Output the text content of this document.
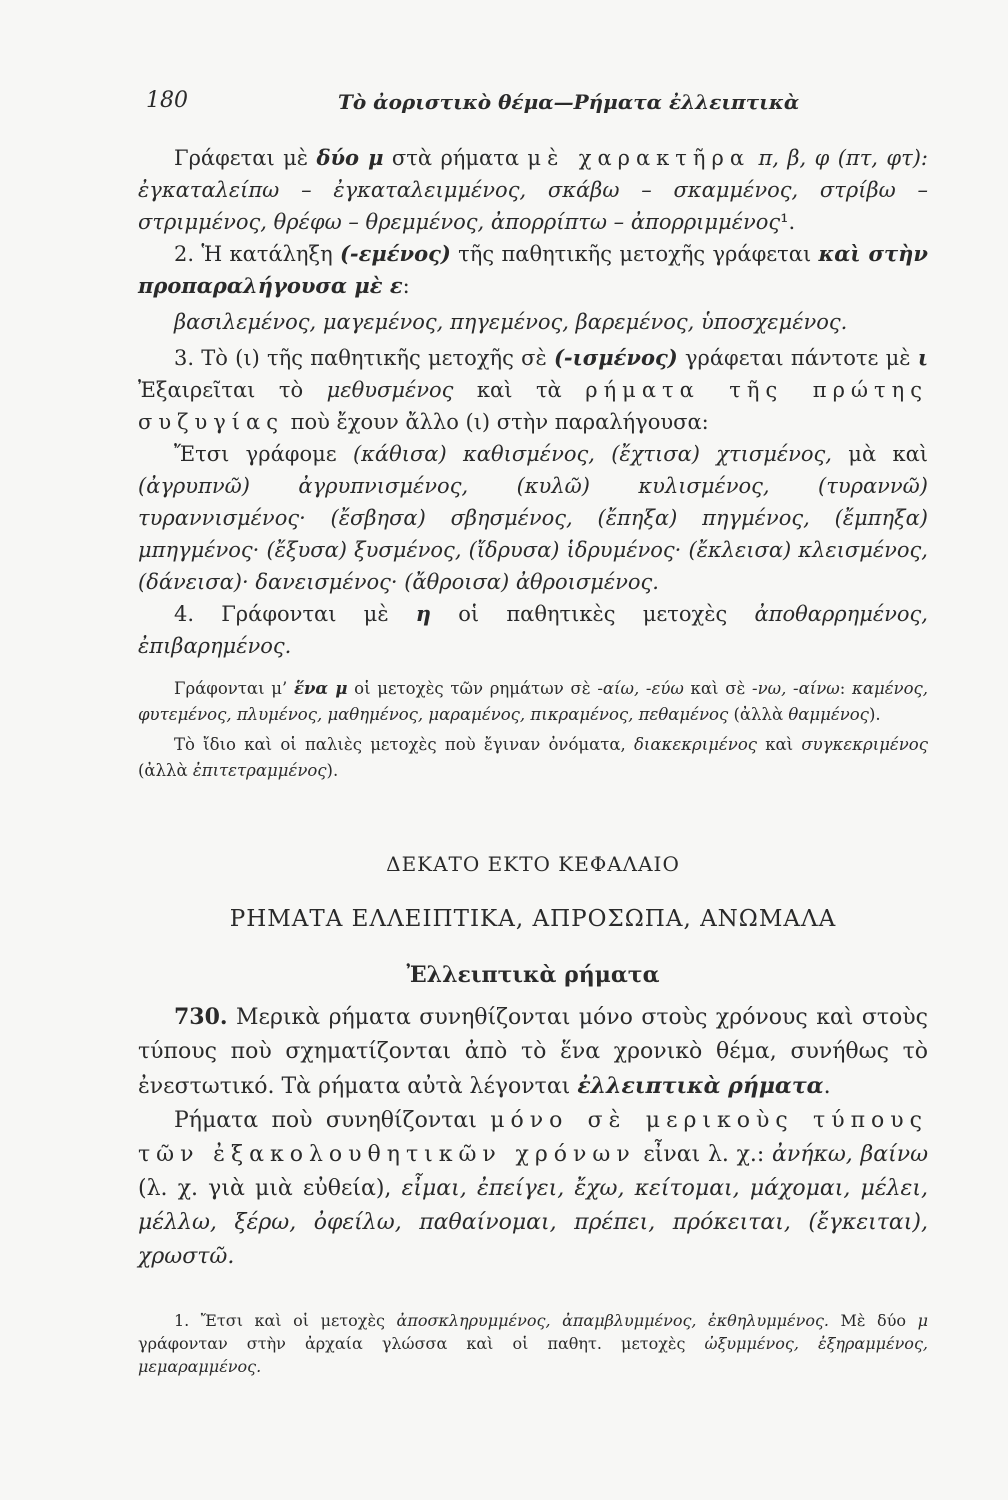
180	Τὸ ἀοριστικὸ θέμα—Ρήματα ἐλλειπτικὰ

Γράφεται μὲ δύο μ στὰ ρήματα μὲ χαρακτῆρα π, β, φ (πτ, φτ): ἐγκαταλείπω – ἐγκαταλειμμένος, σκάβω – σκαμμένος, στρίβω – στριμμένος, θρέφω – θρεμμένος, ἀπορρίπτω – ἀπορριμμένος¹.

2. Ἡ κατάληξη (-εμένος) τῆς παθητικῆς μετοχῆς γράφεται καὶ στὴν προπαραλήγουσα μὲ ε:

βασιλεμένος, μαγεμένος, πηγεμένος, βαρεμένος, ὑποσχεμένος.

3. Τὸ (ι) τῆς παθητικῆς μετοχῆς σὲ (-ισμένος) γράφεται πάντοτε μὲ ι Ἐξαιρεῖται τὸ μεθυσμένος καὶ τὰ ρήματα τῆς πρώτης συζυγίας ποὺ ἔχουν ἄλλο (ι) στὴν παραλήγουσα:

Ἔτσι γράφομε (κάθισα) καθισμένος, (ἔχτισα) χτισμένος, μὰ καὶ (ἀγρυπνῶ) ἀγρυπνισμένος, (κυλῶ) κυλισμένος, (τυραννῶ) τυραννισμένος· (ἔσβησα) σβησμένος, (ἔπηξα) πηγμένος, (ἔμπηξα) μπηγμένος· (ἔξυσα) ξυσμένος, (ἴδρυσα) ἱδρυμένος· (ἔκλεισα) κλεισμένος, (δάνεισα)· δανεισμένος· (ἄθροισα) ἀθροισμένος.

4. Γράφονται μὲ η οἱ παθητικὲς μετοχὲς ἀποθαρρημένος, ἐπιβαρημένος.

Γράφονται μ’ ἕνα μ οἱ μετοχὲς τῶν ρημάτων σὲ -αίω, -εύω καὶ σὲ -νω, -αίνω: καμένος, φυτεμένος, πλυμένος, μαθημένος, μαραμένος, πικραμένος, πεθαμένος (ἀλλὰ θαμμένος).

Τὸ ἴδιο καὶ οἱ παλιὲς μετοχὲς ποὺ ἔγιναν ὀνόματα, διακεκριμένος καὶ συγκεκριμένος (ἀλλὰ ἐπιτετραμμένος).

ΔΕΚΑΤΟ ΕΚΤΟ ΚΕΦΑΛΑΙΟ

ΡΗΜΑΤΑ ΕΛΛΕΙΠΤΙΚΑ, ΑΠΡΟΣΩΠΑ, ΑΝΩΜΑΛΑ

Ἐλλειπτικὰ ρήματα

730. Μερικὰ ρήματα συνηθίζονται μόνο στοὺς χρόνους καὶ στοὺς τύπους ποὺ σχηματίζονται ἀπὸ τὸ ἕνα χρονικὸ θέμα, συνήθως τὸ ἐνεστωτικό. Τὰ ρήματα αὐτὰ λέγονται ἐλλειπτικὰ ρήματα.

Ρήματα ποὺ συνηθίζονται μόνο σὲ μερικοὺς τύπους τῶν ἐξακολουθητικῶν χρόνων εἶναι λ. χ.: ἀνήκω, βαίνω (λ. χ. γιὰ μιὰ εὐθεία), εἶμαι, ἐπείγει, ἔχω, κείτομαι, μάχομαι, μέλει, μέλλω, ξέρω, ὀφείλω, παθαίνομαι, πρέπει, πρόκειται, (ἔγκειται), χρωστῶ.

1. Ἔτσι καὶ οἱ μετοχὲς ἀποσκληρυμμένος, ἀπαμβλυμμένος, ἐκθηλυμμένος. Μὲ δύο μ γράφονταν στὴν ἀρχαία γλώσσα καὶ οἱ παθητ. μετοχὲς ὠξυμμένος, ἐξηραμμένος, μεμαραμμένος.
